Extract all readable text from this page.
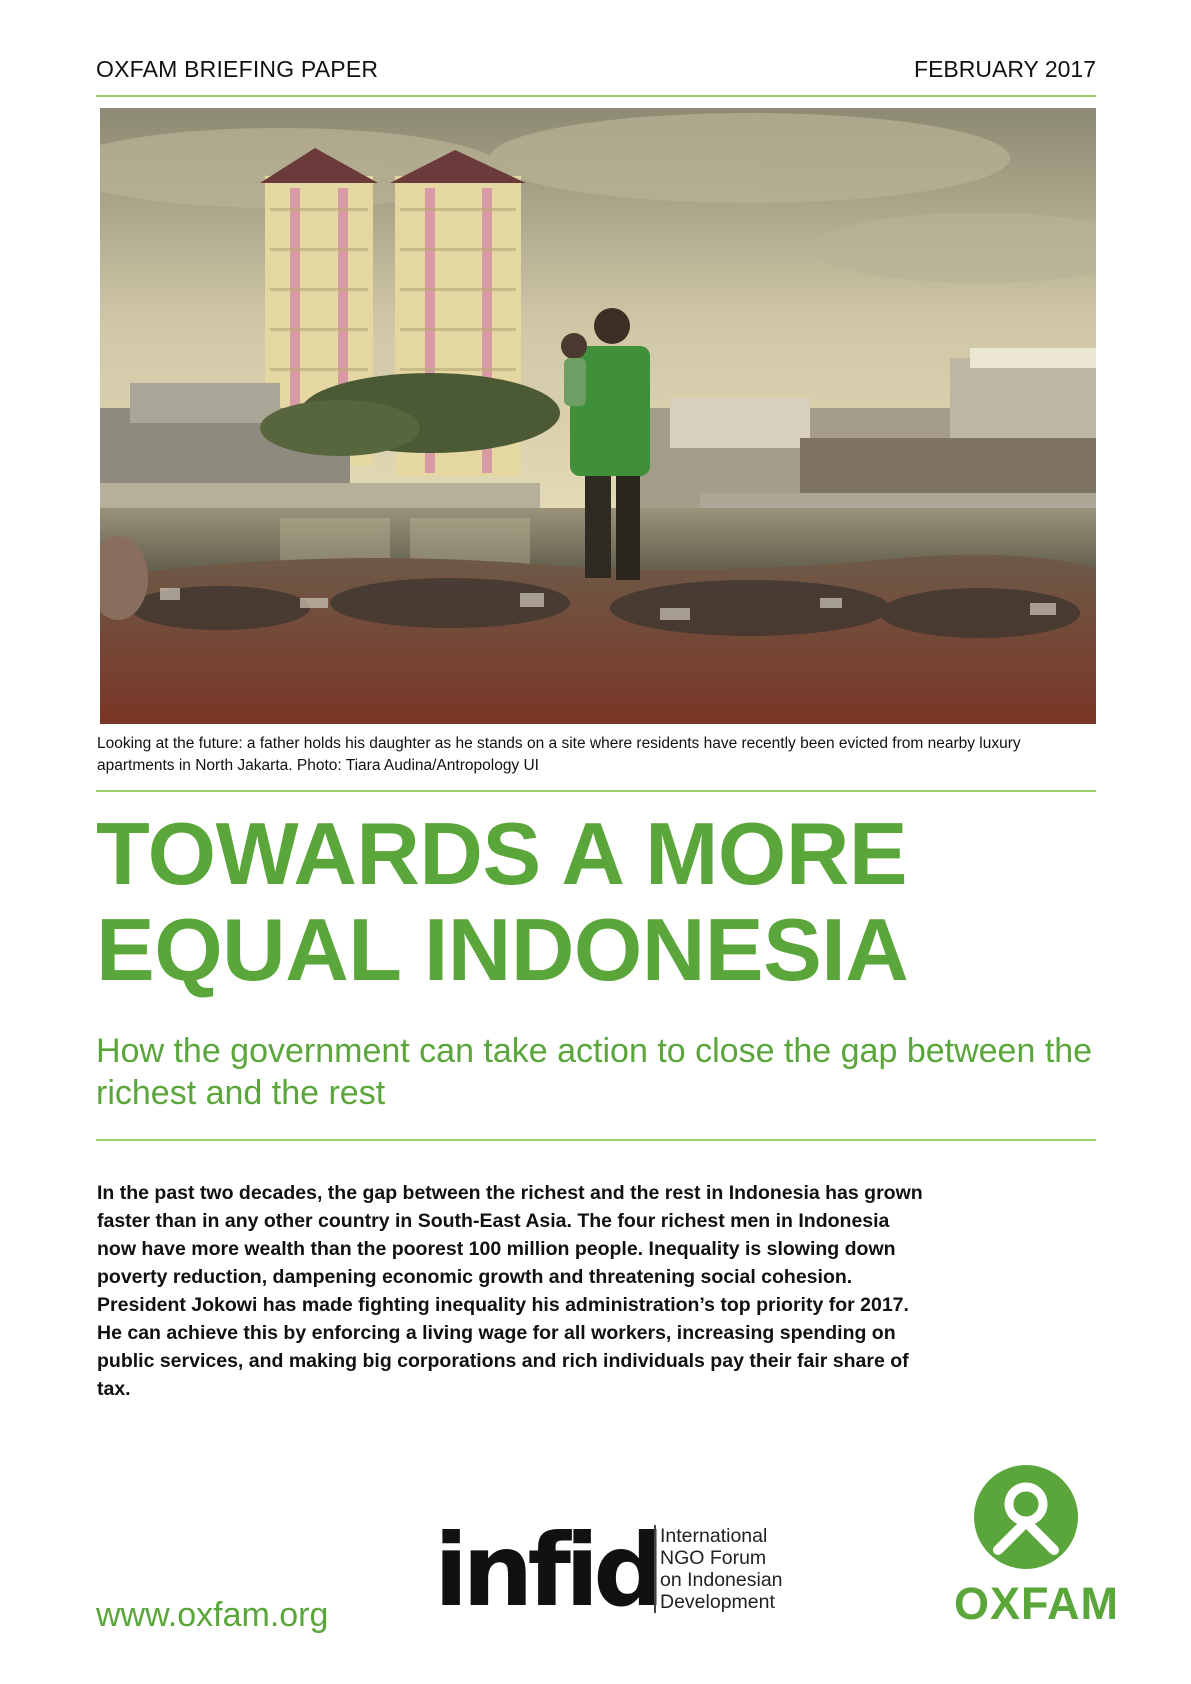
OXFAM BRIEFING PAPER	FEBRUARY 2017
Looking at the future: a father holds his daughter as he stands on a site where residents have recently been evicted from nearby luxury apartments in North Jakarta. Photo: Tiara Audina/Antropology UI
TOWARDS A MORE
EQUAL INDONESIA
How the government can take action to close the gap between the richest and the rest
In the past two decades, the gap between the richest and the rest in Indonesia has grown faster than in any other country in South-East Asia. The four richest men in Indonesia now have more wealth than the poorest 100 million people. Inequality is slowing down poverty reduction, dampening economic growth and threatening social cohesion. President Jokowi has made fighting inequality his administration’s top priority for 2017. He can achieve this by enforcing a living wage for all workers, increasing spending on public services, and making big corporations and rich individuals pay their fair share of tax.
www.oxfam.org infid International
NGO Forum
on Indonesian
Development	OXFAM
